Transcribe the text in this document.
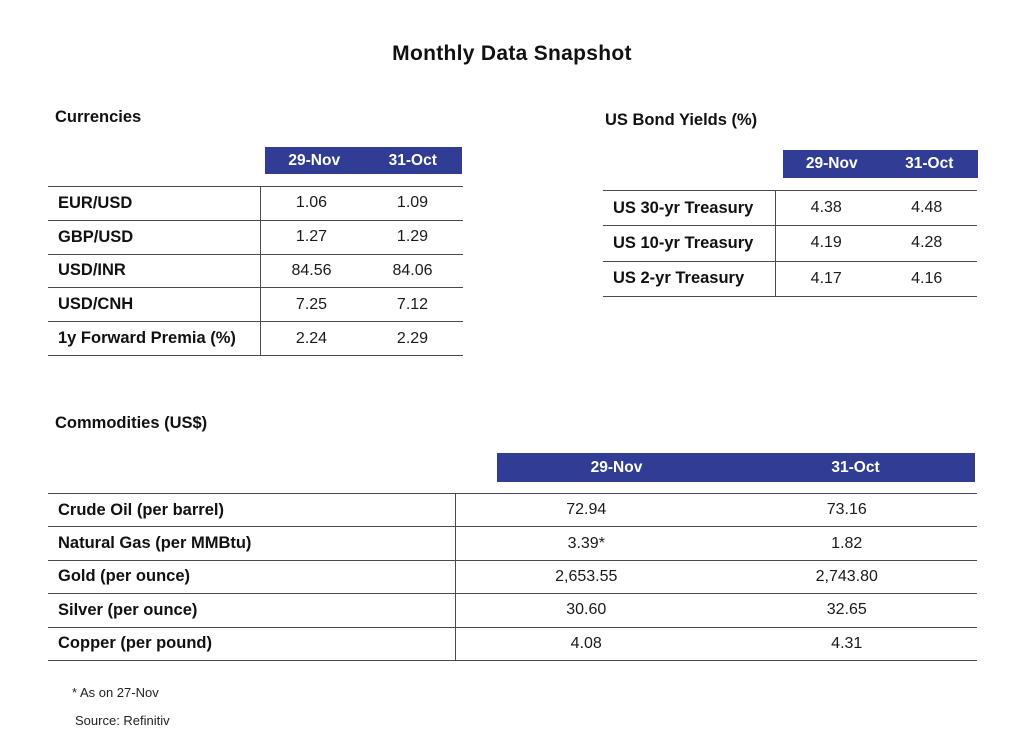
Monthly Data Snapshot
Currencies
29-Nov	31-Oct
EUR/USD	1.06	1.09
GBP/USD	1.27	1.29
USD/INR	84.56	84.06
USD/CNH	7.25	7.12
1y Forward Premia (%)	2.24	2.29
US Bond Yields (%)
29-Nov	31-Oct
US 30-yr Treasury	4.38	4.48
US 10-yr Treasury	4.19	4.28
US 2-yr Treasury	4.17	4.16
Commodities (US$)
29-Nov	31-Oct
Crude Oil (per barrel)	72.94	73.16
Natural Gas (per MMBtu)	3.39*	1.82
Gold (per ounce)	2,653.55	2,743.80
Silver (per ounce)	30.60	32.65
Copper (per pound)	4.08	4.31
* As on 27-Nov
Source: Refinitiv
